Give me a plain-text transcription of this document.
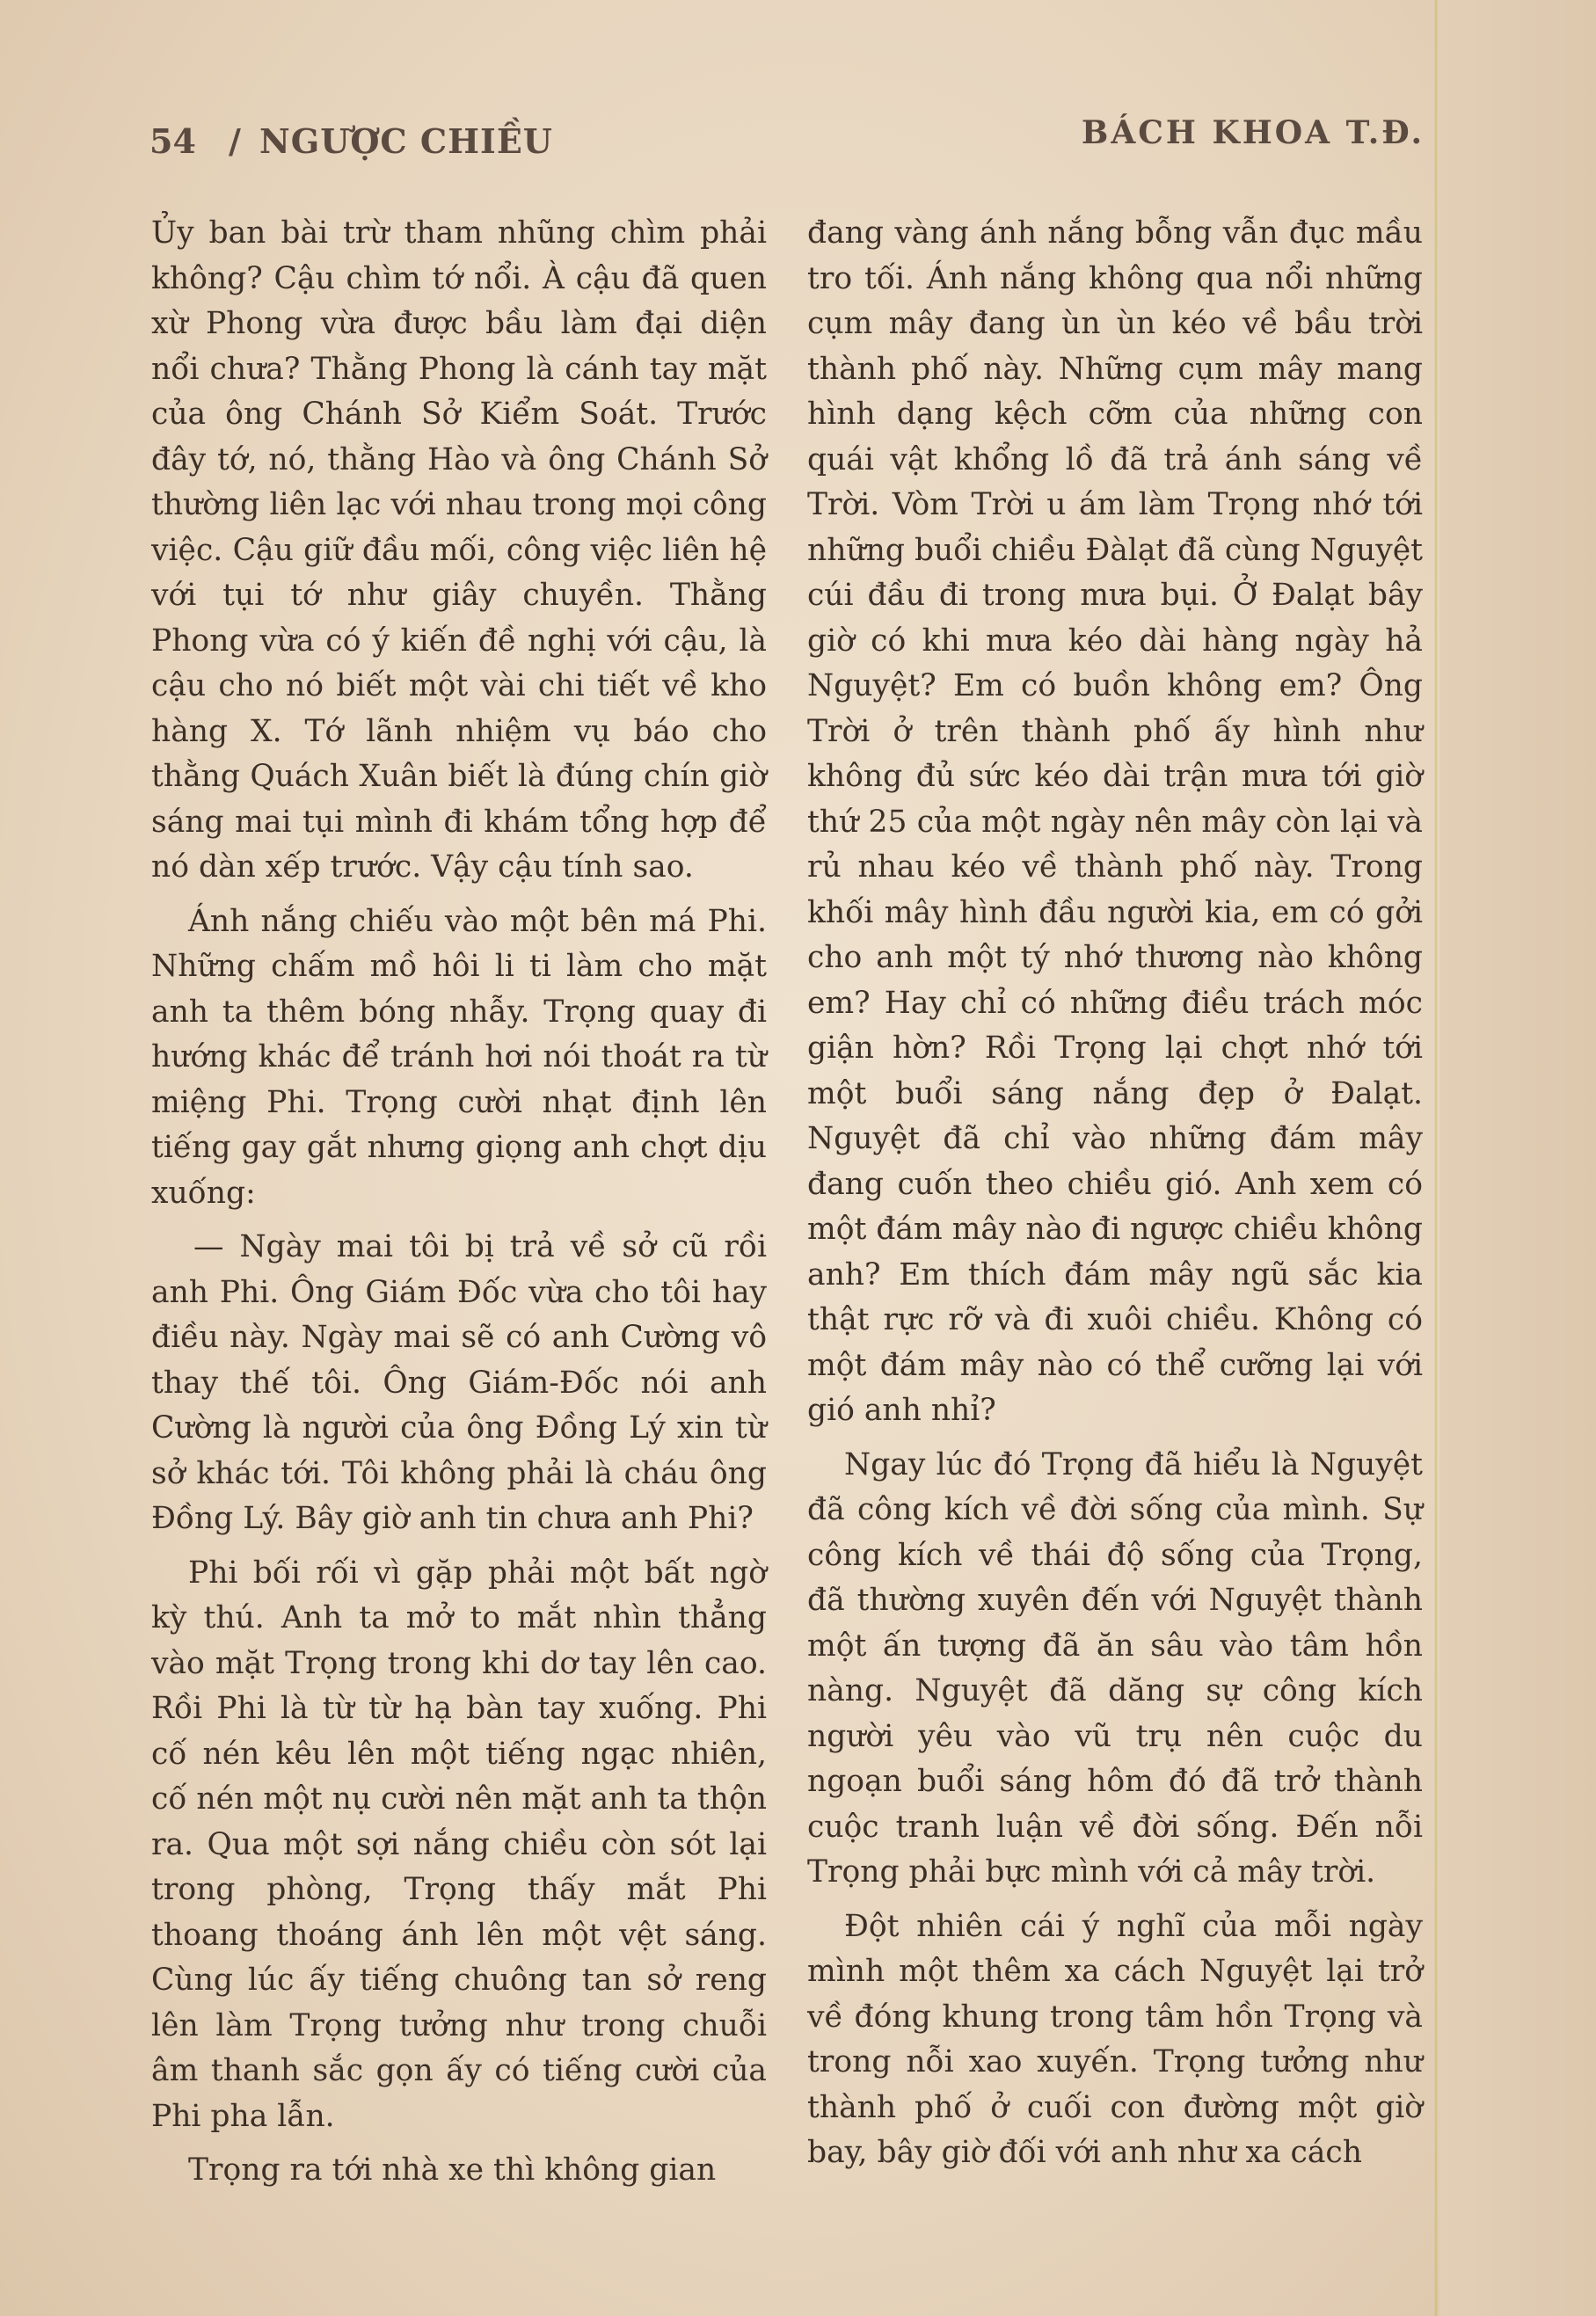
54 / NGƯỢC CHIỀU	BÁCH KHOA T.Đ.

Ủy ban bài trừ tham nhũng chìm phải không? Cậu chìm tớ nổi. À cậu đã quen xừ Phong vừa được bầu làm đại diện nổi chưa? Thằng Phong là cánh tay mặt của ông Chánh Sở Kiểm Soát. Trước đây tớ, nó, thằng Hào và ông Chánh Sở thường liên lạc với nhau trong mọi công việc. Cậu giữ đầu mối, công việc liên hệ với tụi tớ như giây chuyền. Thằng Phong vừa có ý kiến đề nghị với cậu, là cậu cho nó biết một vài chi tiết về kho hàng X. Tớ lãnh nhiệm vụ báo cho thằng Quách Xuân biết là đúng chín giờ sáng mai tụi mình đi khám tổng hợp để nó dàn xếp trước. Vậy cậu tính sao.

Ánh nắng chiếu vào một bên má Phi. Những chấm mồ hôi li ti làm cho mặt anh ta thêm bóng nhẫy. Trọng quay đi hướng khác để tránh hơi nói thoát ra từ miệng Phi. Trọng cười nhạt định lên tiếng gay gắt nhưng giọng anh chợt dịu xuống:

— Ngày mai tôi bị trả về sở cũ rồi anh Phi. Ông Giám Đốc vừa cho tôi hay điều này. Ngày mai sẽ có anh Cường vô thay thế tôi. Ông Giám-Đốc nói anh Cường là người của ông Đồng Lý xin từ sở khác tới. Tôi không phải là cháu ông Đồng Lý. Bây giờ anh tin chưa anh Phi?

Phi bối rối vì gặp phải một bất ngờ kỳ thú. Anh ta mở to mắt nhìn thẳng vào mặt Trọng trong khi dơ tay lên cao. Rồi Phi là từ từ hạ bàn tay xuống. Phi cố nén kêu lên một tiếng ngạc nhiên, cố nén một nụ cười nên mặt anh ta thộn ra. Qua một sợi nắng chiều còn sót lại trong phòng, Trọng thấy mắt Phi thoang thoáng ánh lên một vệt sáng. Cùng lúc ấy tiếng chuông tan sở reng lên làm Trọng tưởng như trong chuỗi âm thanh sắc gọn ấy có tiếng cười của Phi pha lẫn.

Trọng ra tới nhà xe thì không gian

đang vàng ánh nắng bỗng vẫn đục mầu tro tối. Ánh nắng không qua nổi những cụm mây đang ùn ùn kéo về bầu trời thành phố này. Những cụm mây mang hình dạng kệch cỡm của những con quái vật khổng lồ đã trả ánh sáng về Trời. Vòm Trời u ám làm Trọng nhớ tới những buổi chiều Đàlạt đã cùng Nguyệt cúi đầu đi trong mưa bụi. Ở Đalạt bây giờ có khi mưa kéo dài hàng ngày hả Nguyệt? Em có buồn không em? Ông Trời ở trên thành phố ấy hình như không đủ sức kéo dài trận mưa tới giờ thứ 25 của một ngày nên mây còn lại và rủ nhau kéo về thành phố này. Trong khối mây hình đầu người kia, em có gởi cho anh một tý nhớ thương nào không em? Hay chỉ có những điều trách móc giận hờn? Rồi Trọng lại chợt nhớ tới một buổi sáng nắng đẹp ở Đalạt. Nguyệt đã chỉ vào những đám mây đang cuốn theo chiều gió. Anh xem có một đám mây nào đi ngược chiều không anh? Em thích đám mây ngũ sắc kia thật rực rỡ và đi xuôi chiều. Không có một đám mây nào có thể cưỡng lại với gió anh nhỉ?

Ngay lúc đó Trọng đã hiểu là Nguyệt đã công kích về đời sống của mình. Sự công kích về thái độ sống của Trọng, đã thường xuyên đến với Nguyệt thành một ấn tượng đã ăn sâu vào tâm hồn nàng. Nguyệt đã dăng sự công kích người yêu vào vũ trụ nên cuộc du ngoạn buổi sáng hôm đó đã trở thành cuộc tranh luận về đời sống. Đến nỗi Trọng phải bực mình với cả mây trời.

Đột nhiên cái ý nghĩ của mỗi ngày mình một thêm xa cách Nguyệt lại trở về đóng khung trong tâm hồn Trọng và trong nỗi xao xuyến. Trọng tưởng như thành phố ở cuối con đường một giờ bay, bây giờ đối với anh như xa cách
